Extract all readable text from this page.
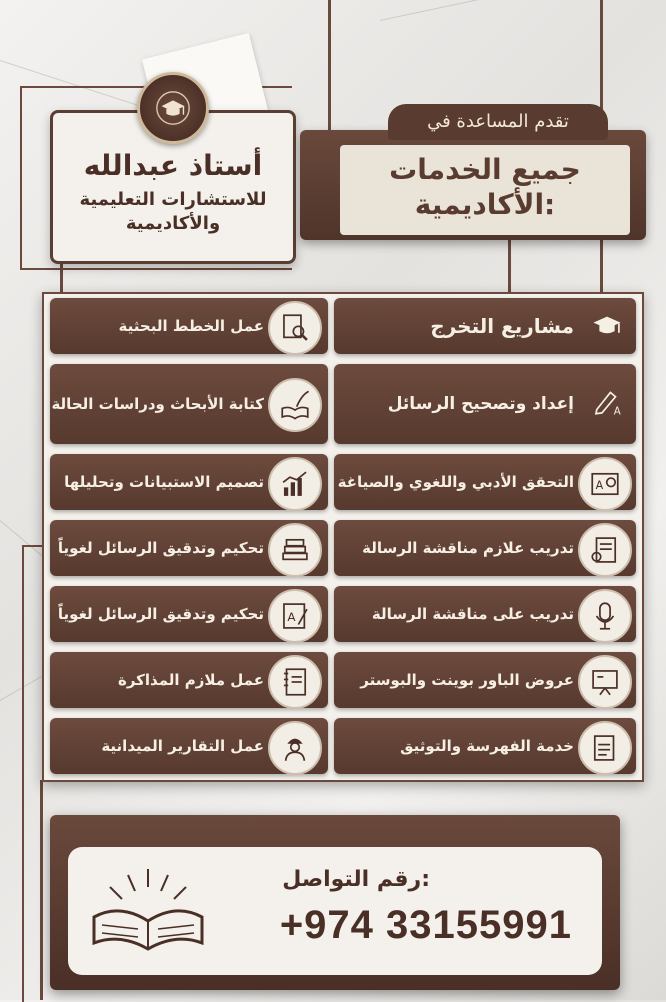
أستاذ عبدالله
للاستشارات التعليمية
والأكاديمية
جميع الخدمات
الأكاديمية:
تقدم المساعدة في
مشاريع التخرج
إعداد وتصحيح الرسائل	A
التحقق الأدبي واللغوي والصياغة A
تدريب علازم مناقشة الرسالة
تدريب على مناقشة الرسالة
عروض الباور بوينت والبوستر
خدمة الفهرسة والتوثيق
عمل الخطط البحثية
كتابة الأبحاث ودراسات الحالة
تصميم الاستبيانات وتحليلها
تحكيم وتدقيق الرسائل لغوياً
تحكيم وتدقيق الرسائل لغوياً A
عمل ملازم المذاكرة
عمل التقارير الميدانية
رقم التواصل:
+974 33155991
